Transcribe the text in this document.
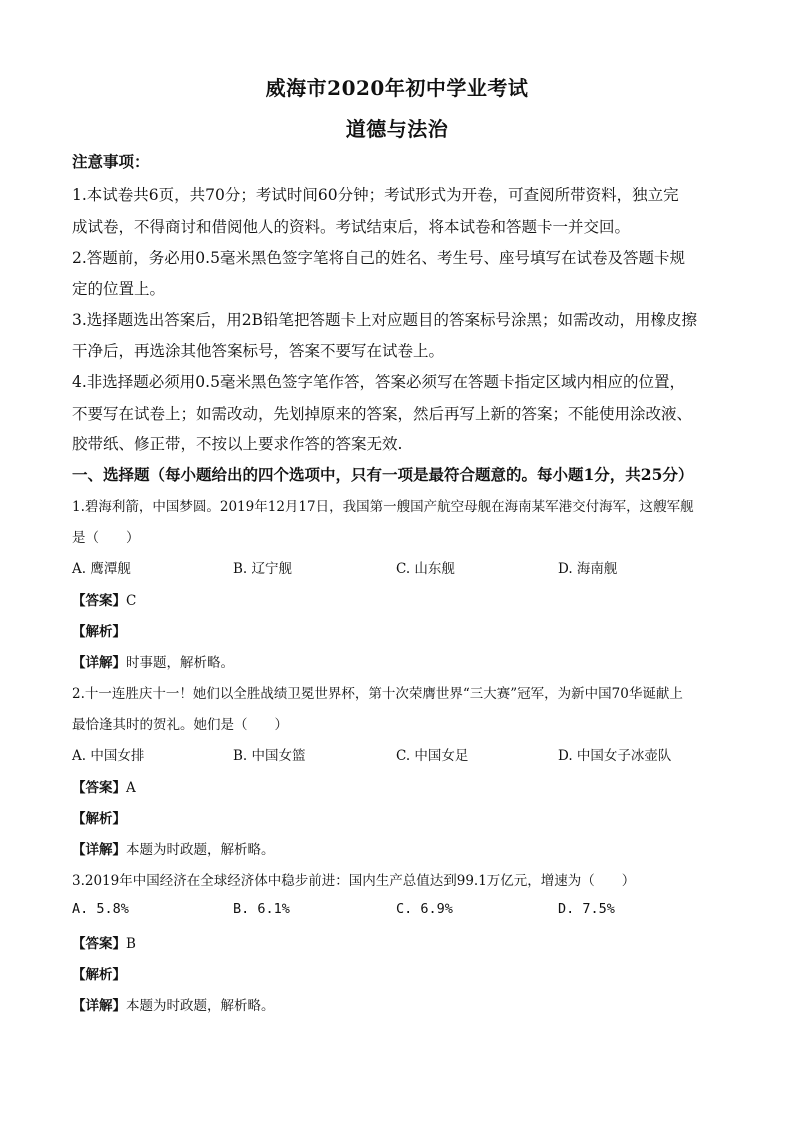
威海市2020年初中学业考试
道德与法治
注意事项：
1.本试卷共6页，共70分；考试时间60分钟；考试形式为开卷，可查阅所带资料，独立完
成试卷，不得商讨和借阅他人的资料。考试结束后，将本试卷和答题卡一并交回。
2.答题前，务必用0.5毫米黑色签字笔将自己的姓名、考生号、座号填写在试卷及答题卡规
定的位置上。
3.选择题选出答案后，用2B铅笔把答题卡上对应题目的答案标号涂黑；如需改动，用橡皮擦
干净后，再选涂其他答案标号，答案不要写在试卷上。
4.非选择题必须用0.5毫米黑色签字笔作答，答案必须写在答题卡指定区域内相应的位置，
不要写在试卷上；如需改动，先划掉原来的答案，然后再写上新的答案；不能使用涂改液、
胶带纸、修正带，不按以上要求作答的答案无效.
一、选择题（每小题给出的四个选项中，只有一项是最符合题意的。每小题1分，共25分）
1.碧海利箭，中国梦圆。2019年12月17日，我国第一艘国产航空母舰在海南某军港交付海军，这艘军舰
是（　　）
A. 鹰潭舰	B. 辽宁舰	C. 山东舰	D. 海南舰
【答案】C
【解析】
【详解】时事题，解析略。
2.十一连胜庆十一！她们以全胜战绩卫冕世界杯，第十次荣膺世界“三大赛”冠军，为新中国70华诞献上
最恰逢其时的贺礼。她们是（　　）
A. 中国女排	B. 中国女篮	C. 中国女足	D. 中国女子冰壶队
【答案】A
【解析】
【详解】本题为时政题，解析略。
3.2019年中国经济在全球经济体中稳步前进：国内生产总值达到99.1万亿元，增速为（　　）
A. 5.8%	B. 6.1%	C. 6.9%	D. 7.5%
【答案】B
【解析】
【详解】本题为时政题，解析略。
